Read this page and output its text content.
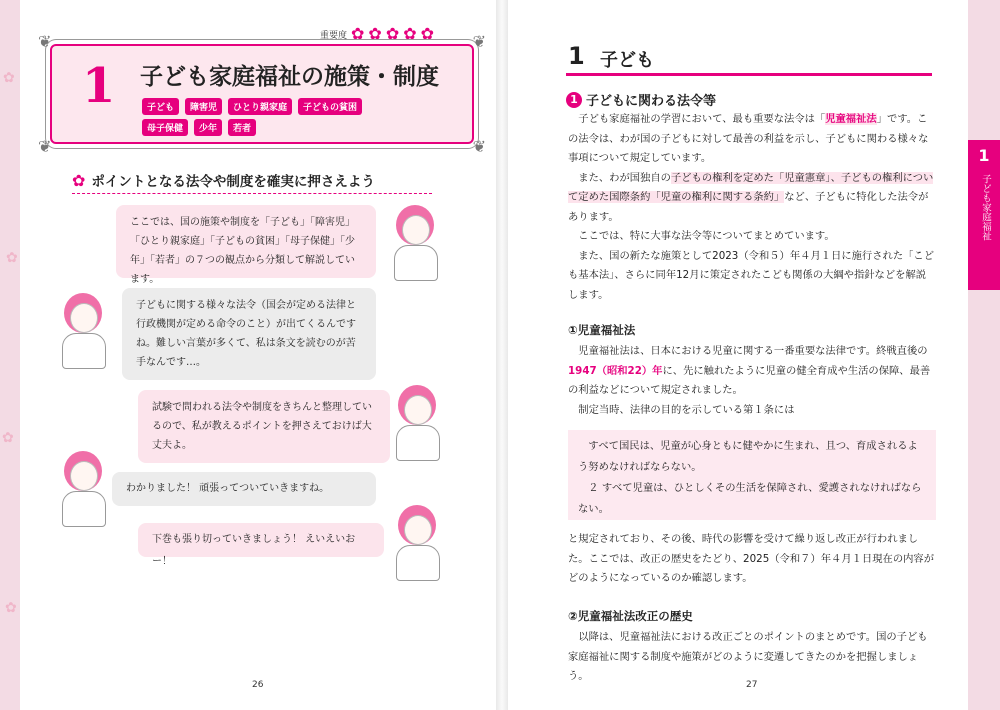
✿
✿
✿
✿
重要度 ✿ ✿ ✿ ✿ ✿
❦	❦
❦	❦
1 子ども家庭福祉の施策・制度
子ども	障害児	ひとり親家庭	子どもの貧困
母子保健	少年	若者
✿ ポイントとなる法令や制度を確実に押さえよう
ここでは、国の施策や制度を「子ども」「障害児」「ひとり親家庭」「子どもの貧困」「母子保健」「少年」「若者」の７つの観点から分類して解説しています。
子どもに関する様々な法令（国会が定める法律と行政機関が定める命令のこと）が出てくるんですね。難しい言葉が多くて、私は条文を読むのが苦手なんです…。
試験で問われる法令や制度をきちんと整理しているので、私が教えるポイントを押さえておけば大丈夫よ。
わかりました！ 頑張ってついていきますね。
下巻も張り切っていきましょう！ えいえいおー！
26
1 子ども
1 子どもに関わる法令等

子ども家庭福祉の学習において、最も重要な法令は「児童福祉法」です。この法令は、わが国の子どもに対して最善の利益を示し、子どもに関わる様々な事項について規定しています。

また、わが国独自の子どもの権利を定めた「児童憲章」、子どもの権利について定めた国際条約「児童の権利に関する条約」など、子どもに特化した法令があります。

ここでは、特に大事な法令等についてまとめています。

また、国の新たな施策として2023（令和５）年４月１日に施行された「こども基本法」、さらに同年12月に策定されたこども関係の大綱や指針などを解説します。

①児童福祉法

児童福祉法は、日本における児童に関する一番重要な法律です。終戦直後の1947（昭和22）年に、先に触れたように児童の健全育成や生活の保障、最善の利益などについて規定されました。

制定当時、法律の目的を示している第１条には

すべて国民は、児童が心身ともに健やかに生まれ、且つ、育成されるよう努めなければならない。

２ すべて児童は、ひとしくその生活を保障され、愛護されなければならない。

と規定されており、その後、時代の影響を受けて繰り返し改正が行われました。ここでは、改正の歴史をたどり、2025（令和７）年４月１日現在の内容がどのようになっているのか確認します。

②児童福祉法改正の歴史

以降は、児童福祉法における改正ごとのポイントのまとめです。国の子ども家庭福祉に関する制度や施策がどのように変遷してきたのかを把握しましょう。

27
1
子ども家庭福祉
